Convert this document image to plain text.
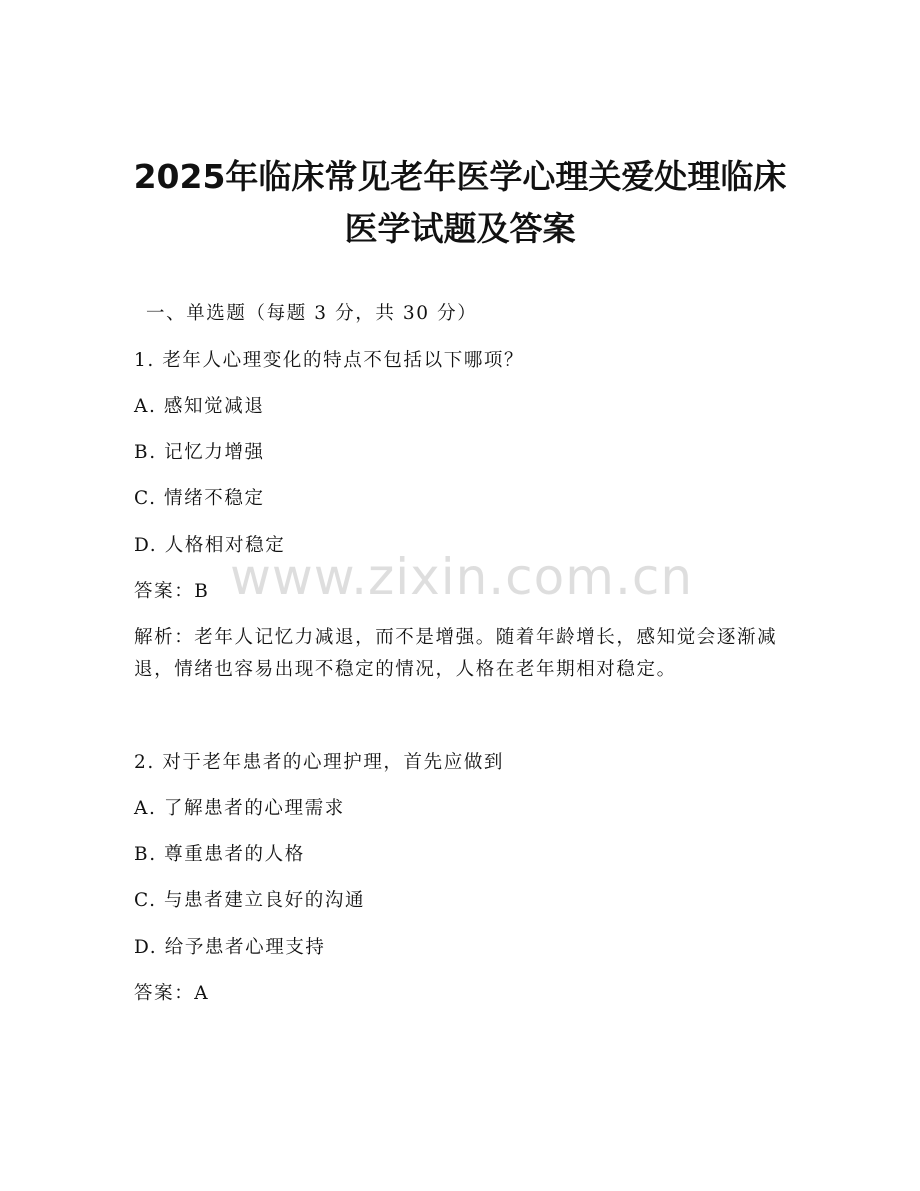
2025年临床常见老年医学心理关爱处理临床
医学试题及答案
一、单选题（每题 3 分，共 30 分）
1. 老年人心理变化的特点不包括以下哪项？
A. 感知觉减退
B. 记忆力增强
C. 情绪不稳定
D. 人格相对稳定
答案：B
解析：老年人记忆力减退，而不是增强。随着年龄增长，感知觉会逐渐减退，情绪也容易出现不稳定的情况，人格在老年期相对稳定。
2. 对于老年患者的心理护理，首先应做到
A. 了解患者的心理需求
B. 尊重患者的人格
C. 与患者建立良好的沟通
D. 给予患者心理支持
答案：A
www.zixin.com.cn
